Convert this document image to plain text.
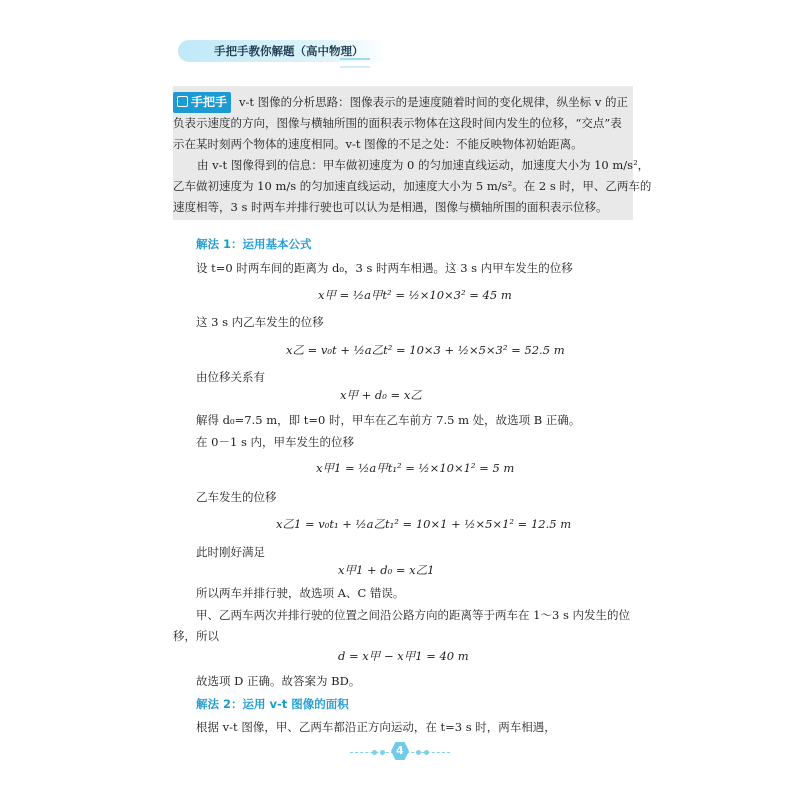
手把手教你解题（高中物理）
手把手 v-t 图像的分析思路：图像表示的是速度随着时间的变化规律，纵坐标 v 的正
负表示速度的方向，图像与横轴所围的面积表示物体在这段时间内发生的位移，“交点”表
示在某时刻两个物体的速度相同。v-t 图像的不足之处：不能反映物体初始距离。
由 v-t 图像得到的信息：甲车做初速度为 0 的匀加速直线运动，加速度大小为 10 m/s²，
乙车做初速度为 10 m/s 的匀加速直线运动，加速度大小为 5 m/s²。在 2 s 时，甲、乙两车的
速度相等，3 s 时两车并排行驶也可以认为是相遇，图像与横轴所围的面积表示位移。
解法 1：运用基本公式
设 t=0 时两车间的距离为 d₀，3 s 时两车相遇。这 3 s 内甲车发生的位移
x甲 = ½a甲t² = ½×10×3² = 45 m
这 3 s 内乙车发生的位移
x乙 = v₀t + ½a乙t² = 10×3 + ½×5×3² = 52.5 m
由位移关系有
x甲 + d₀ = x乙
解得 d₀=7.5 m，即 t=0 时，甲车在乙车前方 7.5 m 处，故选项 B 正确。
在 0－1 s 内，甲车发生的位移
x甲1 = ½a甲t₁² = ½×10×1² = 5 m
乙车发生的位移
x乙1 = v₀t₁ + ½a乙t₁² = 10×1 + ½×5×1² = 12.5 m
此时刚好满足
x甲1 + d₀ = x乙1
所以两车并排行驶，故选项 A、C 错误。
甲、乙两车两次并排行驶的位置之间沿公路方向的距离等于两车在 1～3 s 内发生的位
移，所以
d = x甲 − x甲1 = 40 m
故选项 D 正确。故答案为 BD。
解法 2：运用 v-t 图像的面积
根据 v-t 图像，甲、乙两车都沿正方向运动，在 t=3 s 时，两车相遇，
4
